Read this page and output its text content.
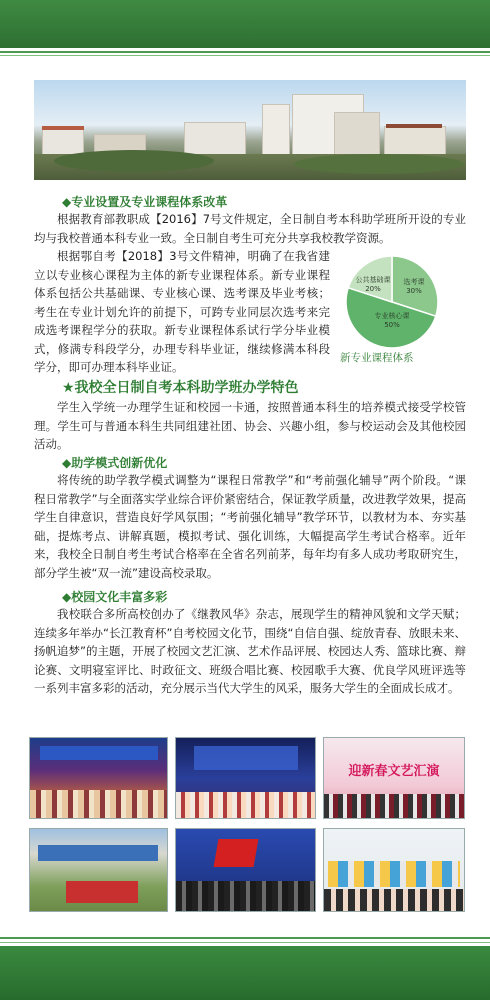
◆专业设置及专业课程体系改革

根据教育部教职成【2016】7号文件规定，全日制自考本科助学班所开设的专业均与我校普通本科专业一致。全日制自考生可充分共享我校教学资源。

根据鄂自考【2018】3号文件精神，明确了在我省建立以专业核心课程为主体的新专业课程体系。新专业课程体系包括公共基础课、专业核心课、选考课及毕业考核；考生在专业计划允许的前提下，可跨专业同层次选考来完成选考课程学分的获取。新专业课程体系试行学分毕业模式，修满专科段学分，办理专科毕业证，继续修满本科段学分，即可办理本科毕业证。

选考课
30%
专业核心课
50%
公共基础课
20%
新专业课程体系
★我校全日制自考本科助学班办学特色

学生入学统一办理学生证和校园一卡通，按照普通本科生的培养模式接受学校管理。学生可与普通本科生共同组建社团、协会、兴趣小组，参与校运动会及其他校园活动。

◆助学模式创新优化

将传统的助学教学模式调整为“课程日常教学”和“考前强化辅导”两个阶段。“课程日常教学”与全面落实学业综合评价紧密结合，保证教学质量，改进教学效果，提高学生自律意识，营造良好学风氛围；“考前强化辅导”教学环节，以教材为本、夯实基础，提炼考点、讲解真题，模拟考试、强化训练，大幅提高学生考试合格率。近年来，我校全日制自考生考试合格率在全省名列前茅，每年均有多人成功考取研究生，部分学生被“双一流”建设高校录取。

◆校园文化丰富多彩

我校联合多所高校创办了《继教风华》杂志，展现学生的精神风貌和文学天赋；连续多年举办“长江教育杯”自考校园文化节，围绕“自信自强、绽放青春、放眼未来、扬帆追梦”的主题，开展了校园文艺汇演、艺术作品评展、校园达人秀、篮球比赛、辩论赛、文明寝室评比、时政征文、班级合唱比赛、校园歌手大赛、优良学风班评选等一系列丰富多彩的活动，充分展示当代大学生的风采，服务大学生的全面成长成才。

迎新春文艺汇演
